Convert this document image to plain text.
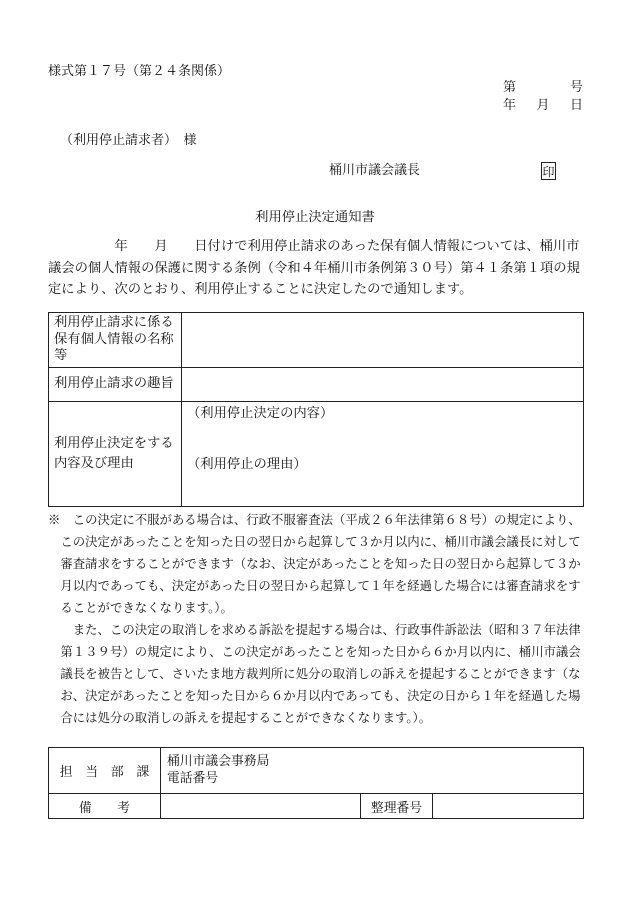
様式第１７号（第２４条関係）
第	号
年 月 日
（利用停止請求者）　様
桶川市議会議長	印
利用停止決定通知書

　　　　　年　　月　　日付けで利用停止請求のあった保有個人情報については、桶川市議会の個人情報の保護に関する条例（令和４年桶川市条例第３０号）第４１条第１項の規定により、次のとおり、利用停止することに決定したので通知します。

利用停止請求に係る保有個人情報の名称等	
利用停止請求の趣旨	
利用停止決定をする内容及び理由	（利用停止決定の内容）
（利用停止の理由）

※　この決定に不服がある場合は、行政不服審査法（平成２６年法律第６８号）の規定により、この決定があったことを知った日の翌日から起算して３か月以内に、桶川市議会議長に対して審査請求をすることができます（なお、決定があったことを知った日の翌日から起算して３か月以内であっても、決定があった日の翌日から起算して１年を経過した場合には審査請求をすることができなくなります。）。

また、この決定の取消しを求める訴訟を提起する場合は、行政事件訴訟法（昭和３７年法律第１３９号）の規定により、この決定があったことを知った日から６か月以内に、桶川市議会議長を被告として、さいたま地方裁判所に処分の取消しの訴えを提起することができます（なお、決定があったことを知った日から６か月以内であっても、決定の日から１年を経過した場合には処分の取消しの訴えを提起することができなくなります。）。

担　当　部　課	桶川市議会事務局
電話番号		

備　　考		整理番号	
